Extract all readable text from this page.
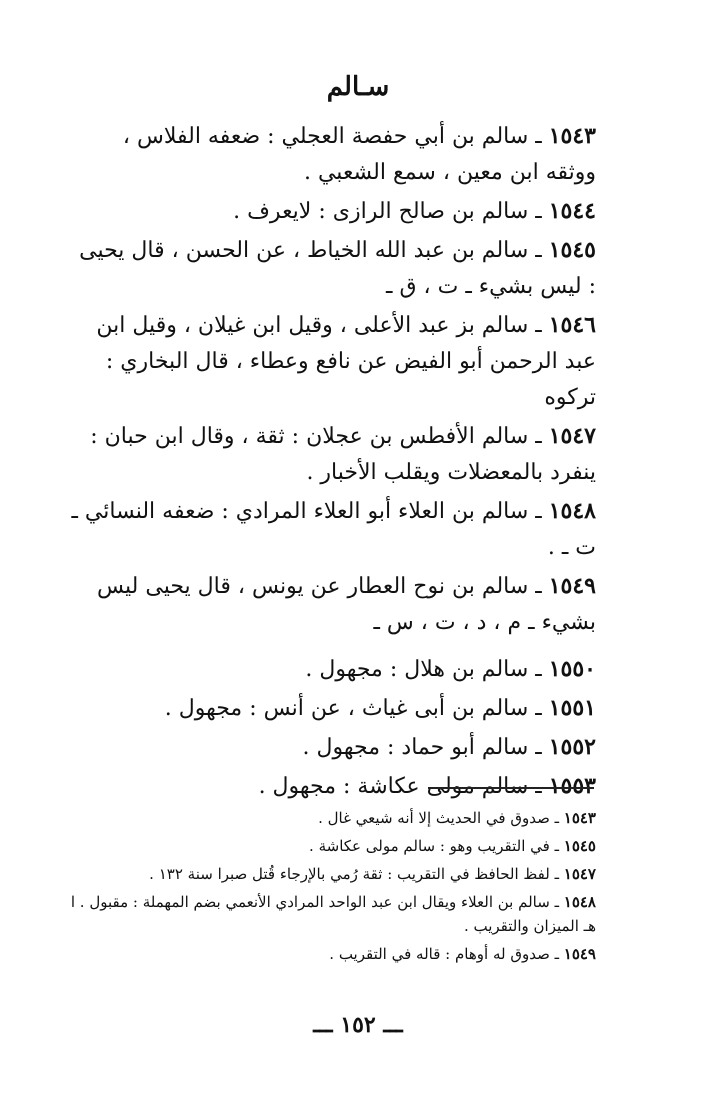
سـالم
١٥٤٣ ـ سالم بن أبي حفصة العجلي : ضعفه الفلاس ، ووثقه ابن معين ، سمع الشعبي .
١٥٤٤ ـ سالم بن صالح الرازى : لايعرف .
١٥٤٥ ـ سالم بن عبد الله الخياط ، عن الحسن ، قال يحيى : ليس بشيء ـ ت ، ق ـ
١٥٤٦ ـ سالم بز عبد الأعلى ، وقيل ابن غيلان ، وقيل ابن عبد الرحمن أبو الفيض عن نافع وعطاء ، قال البخاري : تركوه
١٥٤٧ ـ سالم الأفطس بن عجلان : ثقة ، وقال ابن حبان : ينفرد بالمعضلات ويقلب الأخبار .
١٥٤٨ ـ سالم بن العلاء أبو العلاء المرادي : ضعفه النسائي ـ ت ـ .
١٥٤٩ ـ سالم بن نوح العطار عن يونس ، قال يحيى ليس بشيء ـ م ، د ، ت ، س ـ
١٥٥٠ ـ سالم بن هلال : مجهول .
١٥٥١ ـ سالم بن أبى غياث ، عن أنس : مجهول .
١٥٥٢ ـ سالم أبو حماد : مجهول .
١٥٥٣ ـ سالم مولى عكاشة : مجهول .
١٥٤٣ ـ صدوق في الحديث إلا أنه شيعي غال .
١٥٤٥ ـ في التقريب وهو : سالم مولى عكاشة .
١٥٤٧ ـ لفظ الحافظ في التقريب : ثقة رُمي بالإرجاء قُتل صبرا سنة ١٣٢ .
١٥٤٨ ـ سالم بن العلاء ويقال ابن عبد الواحد المرادي الأنعمي بضم المهملة : مقبول . ا هـ الميزان والتقريب .
١٥٤٩ ـ صدوق له أوهام : قاله في التقريب .
ـــ ١٥٢ ـــ
